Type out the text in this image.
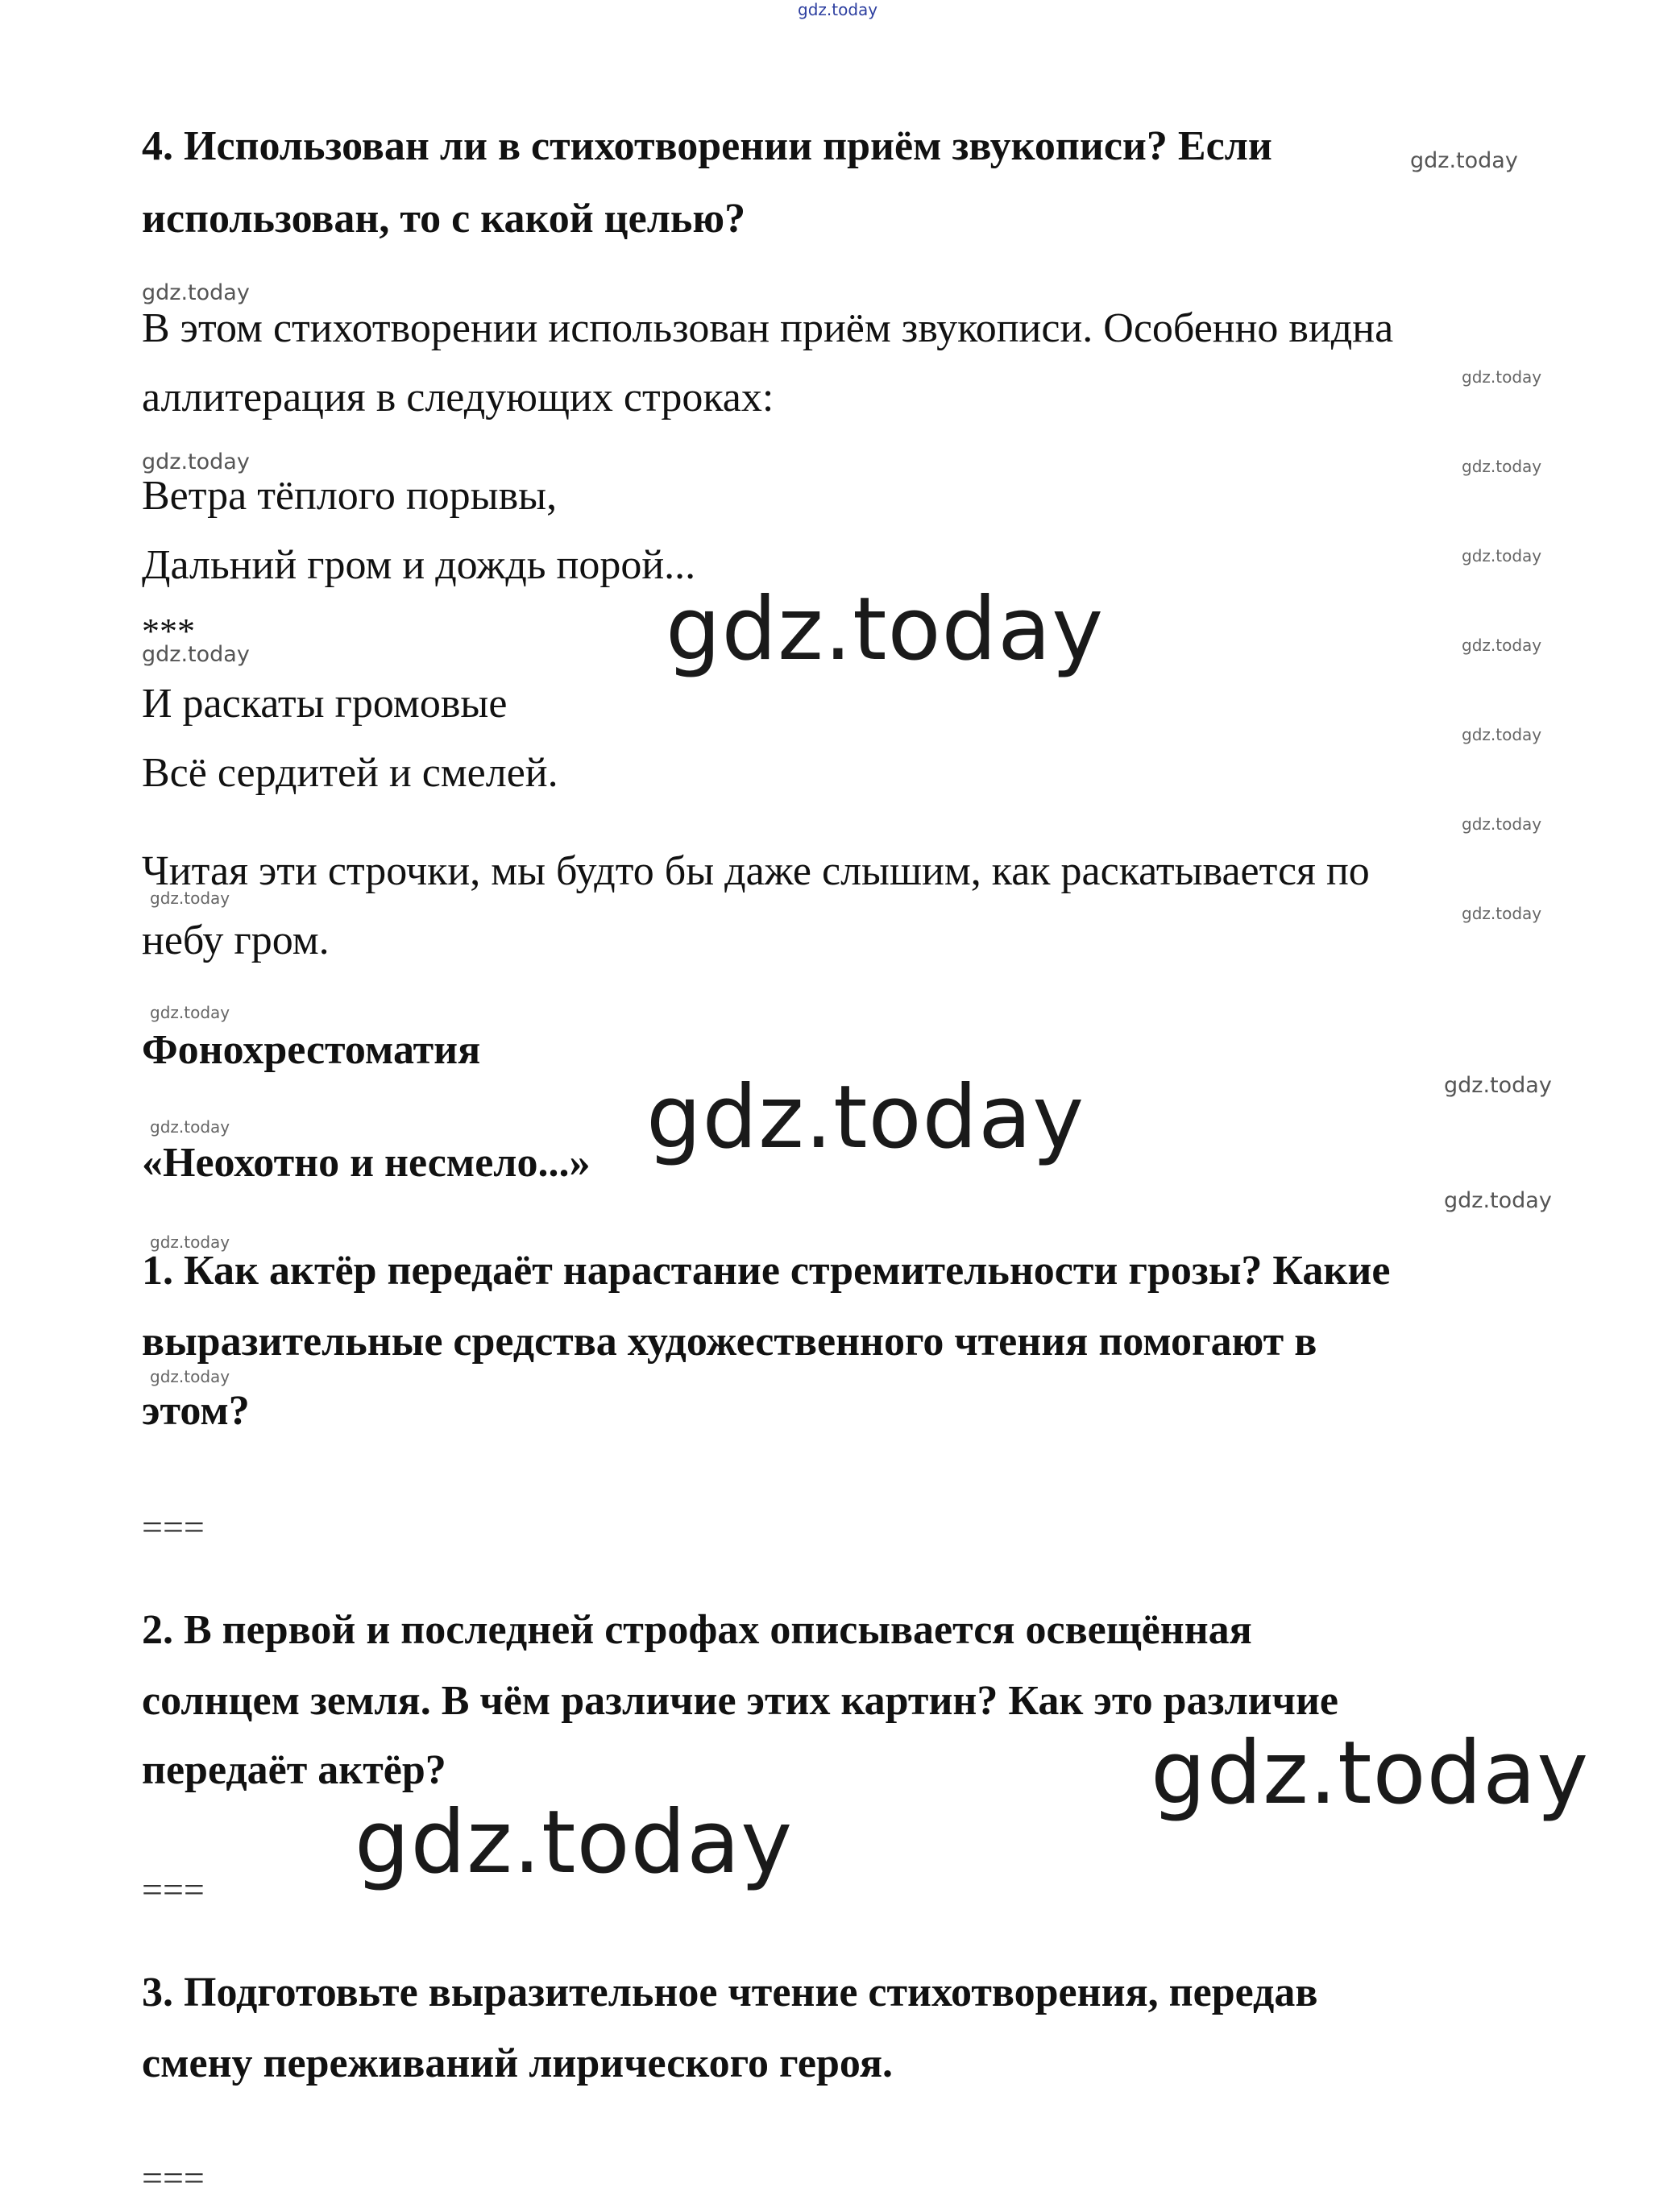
gdz.today
4. Использован ли в стихотворении приём звукописи? Если	gdz.today
использован, то с какой целью?
gdz.today
В этом стихотворении использован приём звукописи. Особенно видна
gdz.today
аллитерация в следующих строках:
gdz.today	gdz.today
Ветра тёплого порывы,
gdz.today
Дальний гром и дождь порой...
gdz.today
***
gdz.today	gdz.today
И раскаты громовые
gdz.today
Всё сердитей и смелей.
gdz.today
Читая эти строчки, мы будто бы даже слышим, как раскатывается по
gdz.today
gdz.today
небу гром.
gdz.today
Фонохрестоматия
gdz.today
gdz.today
gdz.today
«Неохотно и несмело...»
gdz.today
gdz.today
1. Как актёр передаёт нарастание стремительности грозы? Какие
выразительные средства художественного чтения помогают в
gdz.today
этом?
===
2. В первой и последней строфах описывается освещённая
солнцем земля. В чём различие этих картин? Как это различие
передаёт актёр?	gdz.today
gdz.today
===
3. Подготовьте выразительное чтение стихотворения, передав
смену переживаний лирического героя.
===
